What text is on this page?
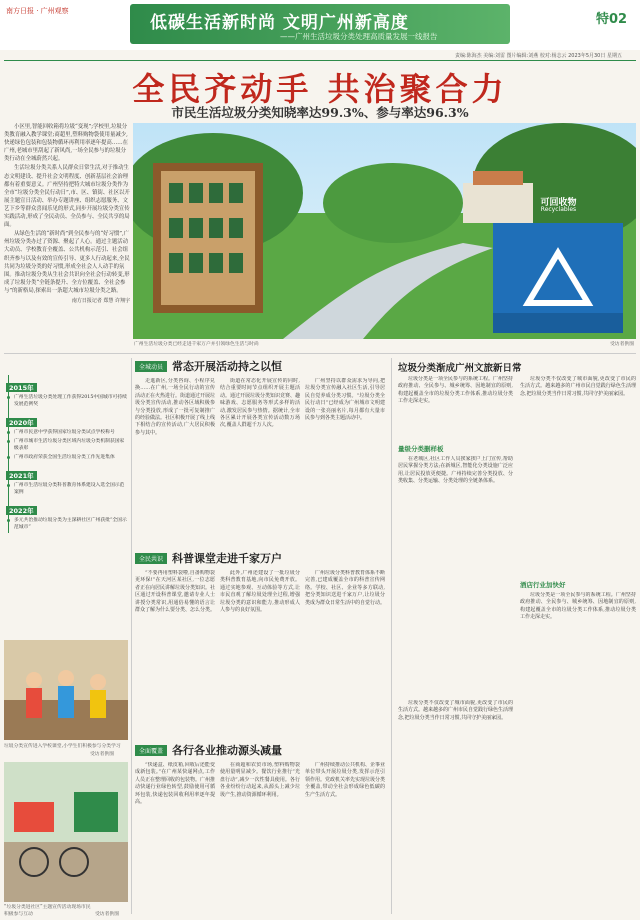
南方日报 · 广州观察
低碳生活新时尚 文明广州新高度
——广州生活垃圾分类处理高质量发展一线报告
特02
责编:陈海杰 美编:刘雷 图片编辑:刘燕 校对:杨志云 2023年5月30日 星期五
全民齐动手 共治聚合力
市民生活垃圾分类知晓率达99.3%、参与率达96.3%

小区里,智能回收箱将垃圾“变现”;学校里,垃圾分类教育融入教学课堂;商超里,塑料购物袋使用量减少,快递绿色包装和包装物循环再利用率逐年提高……在广州,老城市里刮起了新风尚,一场全民参与的垃圾分类行动在全城蔚然兴起。

生活垃圾分类关系人民群众日常生活,对于推动生态文明建设、提升社会文明程度、创新基层社会治理都有着重要意义。广州坚持把特大城市垃圾分类作为全市“垃圾分类全民行动日”,市、区、镇街、社区以开展主题宣日活动、举办专题讲座、组织志愿服务、文艺下乡等群众喜闻乐见的形式,同步开展垃圾分类宣传实践活动,形成了全民动员、全员参与、全民共享的局面。

从绿色生活的“新时尚”到全民参与的“好习惯”,广州垃圾分类办过了资源、聚起了人心。通过主题活动大动员、学校教育全覆盖、公共机构示范引、社会组织齐参与以及有效的宣传引导、更多人行动起来,全民共同为垃圾分类的好习惯,形成全社会人人动手的氛围。推动垃圾分类从生社会共识向全社会行动转变,形成了垃圾分类“全链条提升、全方位覆盖、全社会参与”的新格局,探索出一条超大城市垃圾分类之路。

南方日报记者 郑慧 许翔宇
可回收物
Recyclables
广州生活垃圾分类已经走进千家万户并引领绿色生活与时尚	受访者供图
全城动员 常态开展活动持之以恒
2015年
广州生活垃圾分类处理工作获得2015中国城市可持续发展范例奖
2020年
广州市民意中学获得国家垃圾分类试点学校称号
广州市城市生活垃圾分类区域内垃圾分类机制获国家级表彰
广州市政府荣获全国生活垃圾分类工作先进集体
2021年
广州市生活垃圾分类科普教育体系建设入选全国示范案例
2022年
多元共治推动垃圾分类为主深耕社区广州获批“全国示范城市”

走進新区,分类咨询、小程序兑换……在广州,一场全民行动的宣传活动正在火热进行。街道通过开展垃圾分类宣传活动,推动各区域积极参与分类投放,形成了一批可复制推广的经验做法。社区积极开展了线上线下相结合的宣传活动,广大居民积极参与其中。

街道在常态化开展宣传的同时,结合重要时间节点组织开展主题活动。通过开展垃圾分类知识竞赛、趣味游戏、志愿服务等形式多样的活动,激发居民参与热情。据统计,全市各区累计开展各类宣传活动数万场次,覆盖人群超千万人次。

广州坚持以群众需求为导向,把垃圾分类宣传融入社区生活,引导居民自觉养成分类习惯。“垃圾分类全民行动日”已经成为广州城市文明建设的一张亮丽名片,每月都有大量市民参与到各类主题活动中。

全民共识 科普课堂走进千家万户

“不要再用塑料袋啦,自备购物袋更环保!”在天河区某社区,一位志愿者正在向居民讲解垃圾分类知识。社区通过开设科普课堂,邀请专业人士讲授分类常识,用通俗易懂的语言让群众了解为什么要分类、怎么分类。

此外,广州还建设了一批垃圾分类科普教育基地,向市民免费开放。通过实地参观、互动体验等方式,让市民直观了解垃圾处理全过程,增强垃圾分类的意识和能力,推动形成人人参与的良好氛围。

广州垃圾分类科普教育体系不断完善,已建成覆盖全市的科普宣传网络。学校、社区、企业等多方联动,把分类知识送进千家万户,让垃圾分类成为群众日常生活中的自觉行动。

全面覆盖 各行各业推动源头减量

“快递盒、纸皮箱,回收后还能变成新包装。”在广州某快递网点,工作人员正在整理回收的包装物。广州推动快递行业绿色转型,鼓励使用可循环包装,快递包装回收利用率逐年提高。

在商超和农贸市场,塑料购物袋使用量明显减少。餐饮行业推行“光盘行动”,减少一次性餐具使用。各行各业纷纷行动起来,从源头上减少垃圾产生,推动资源循环利用。

广州持续推动公共机构、企事业单位带头开展垃圾分类,发挥示范引领作用。党政机关率先实现垃圾分类全覆盖,带动全社会形成绿色低碳的生产生活方式。

垃圾分类宣传进入学校课堂,小学生们积极参与分类学习
受访者供图
“垃圾分类进社区”主题宣传活动现场市民积极参与互动	受访者供图
垃圾分类渐成广州文旅新日常

垃圾分类是一项全民参与的系统工程。广州坚持政府推动、全民参与、城乡统筹、因地制宜的原则,构建起覆盖全市的垃圾分类工作体系,推动垃圾分类工作走深走实。

量级分类删样板

在老城区,社区工作人员挨家挨户上门宣传,帮助居民掌握分类方法;在新城区,智能化分类设施广泛应用,让居民投放更便捷。广州持续完善分类投放、分类收集、分类运输、分类处理的全链条体系。

垃圾分类不仅改变了城市面貌,更改变了市民的生活方式。越来越多的广州市民自觉践行绿色生活理念,把垃圾分类当作日常习惯,共同守护美丽家园。

酒店行业加快好

垃圾分类是一项全民参与的系统工程。广州坚持政府推动、全民参与、城乡统筹、因地制宜的原则,构建起覆盖全市的垃圾分类工作体系,推动垃圾分类工作走深走实。

垃圾分类不仅改变了城市面貌,更改变了市民的生活方式。越来越多的广州市民自觉践行绿色生活理念,把垃圾分类当作日常习惯,共同守护美丽家园。
